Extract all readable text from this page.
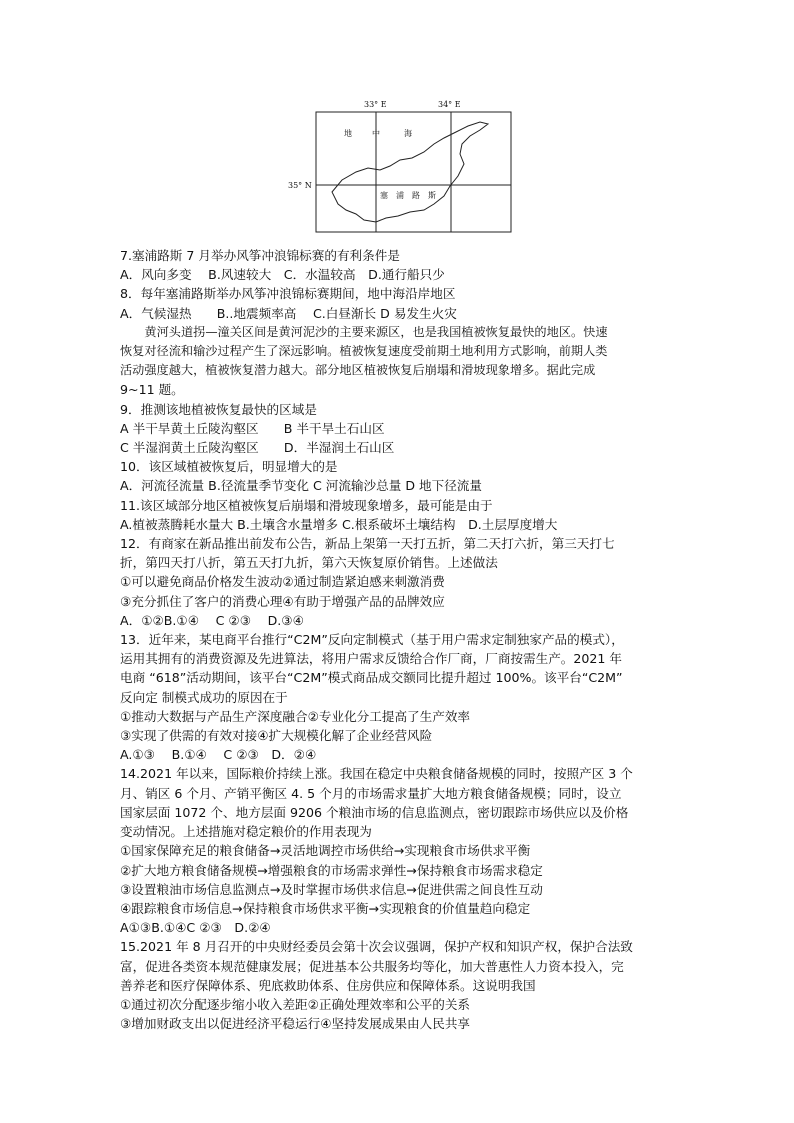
33° E	34° E
35° N
地	中	海
塞 浦 路 斯
7.塞浦路斯 7 月举办风筝冲浪锦标赛的有利条件是
A．风向多变　 B.风速较大　C．水温较高　D.通行船只少
8．每年塞浦路斯举办风筝冲浪锦标赛期间，地中海沿岸地区
A．气候湿热　　B..地震频率高　 C.白昼渐长 D 易发生火灾
黄河头道拐—潼关区间是黄河泥沙的主要来源区，也是我国植被恢复最快的地区。快速
恢复对径流和输沙过程产生了深远影响。植被恢复速度受前期土地利用方式影响，前期人类
活动强度越大，植被恢复潜力越大。部分地区植被恢复后崩塌和滑坡现象增多。据此完成
9~11 题。
9．推测该地植被恢复最快的区域是
A 半干旱黄土丘陵沟壑区　　B 半干旱土石山区
C 半湿润黄土丘陵沟壑区　　D．半湿润土石山区
10．该区域植被恢复后，明显增大的是
A．河流径流量 B.径流量季节变化 C 河流输沙总量 D 地下径流量
11.该区域部分地区植被恢复后崩塌和滑坡现象增多，最可能是由于
A.植被蒸腾耗水量大 B.土壤含水量增多 C.根系破坏土壤结构　D.土层厚度增大
12．有商家在新品推出前发布公告，新品上架第一天打五折，第二天打六折，第三天打七
折，第四天打八折，第五天打九折，第六天恢复原价销售。上述做法
①可以避免商品价格发生波动②通过制造紧迫感来刺激消费
③充分抓住了客户的消费心理④有助于增强产品的品牌效应
A．①②B.①④　 C ②③　 D.③④
13．近年来，某电商平台推行“C2M”反向定制模式（基于用户需求定制独家产品的模式），
运用其拥有的消费资源及先进算法，将用户需求反馈给合作厂商，厂商按需生产。2021 年
电商 “618”活动期间，该平台“C2M”模式商品成交额同比提升超过 100%。该平台“C2M”
反向定 制模式成功的原因在于
①推动大数据与产品生产深度融合②专业化分工提高了生产效率
③实现了供需的有效对接④扩大规模化解了企业经营风险
A.①③　 B.①④　 C ②③　D．②④
14.2021 年以来，国际粮价持续上涨。我国在稳定中央粮食储备规模的同时，按照产区 3 个
月、销区 6 个月、产销平衡区 4. 5 个月的市场需求量扩大地方粮食储备规模；同时，设立
国家层面 1072 个、地方层面 9206 个粮油市场的信息监测点，密切跟踪市场供应以及价格
变动情况。上述措施对稳定粮价的作用表现为
①国家保障充足的粮食储备→灵活地调控市场供给→实现粮食市场供求平衡
②扩大地方粮食储备规模→增强粮食的市场需求弹性→保持粮食市场需求稳定
③设置粮油市场信息监测点→及时掌握市场供求信息→促进供需之间良性互动
④跟踪粮食市场信息→保持粮食市场供求平衡→实现粮食的价值量趋向稳定
A①③B.①④C ②③　D.②④
15.2021 年 8 月召开的中央财经委员会第十次会议强调，保护产权和知识产权，保护合法致
富，促进各类资本规范健康发展；促进基本公共服务均等化，加大普惠性人力资本投入，完
善养老和医疗保障体系、兜底救助体系、住房供应和保障体系。这说明我国
①通过初次分配逐步缩小收入差距②正确处理效率和公平的关系
③增加财政支出以促进经济平稳运行④坚持发展成果由人民共享
